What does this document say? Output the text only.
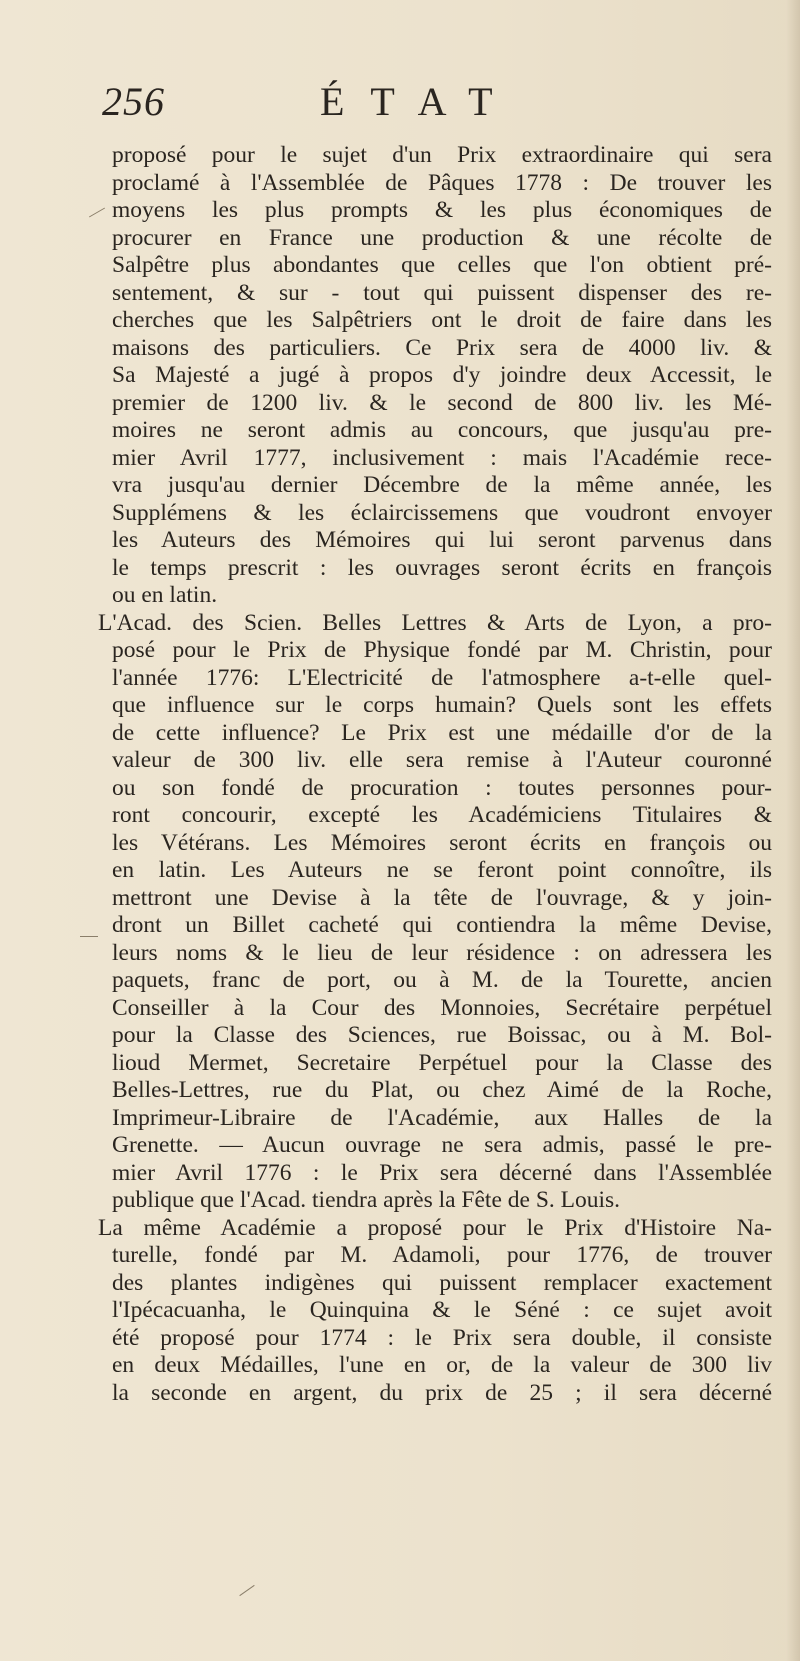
256	ÉTAT
proposé pour le sujet d'un Prix extraordinaire qui sera
proclamé à l'Assemblée de Pâques 1778 : De trouver les
moyens les plus prompts & les plus économiques de
procurer en France une production & une récolte de
Salpêtre plus abondantes que celles que l'on obtient pré-
sentement, & sur - tout qui puissent dispenser des re-
cherches que les Salpêtriers ont le droit de faire dans les
maisons des particuliers. Ce Prix sera de 4000 liv. &
Sa Majesté a jugé à propos d'y joindre deux Accessit, le
premier de 1200 liv. & le second de 800 liv. les Mé-
moires ne seront admis au concours, que jusqu'au pre-
mier Avril 1777, inclusivement : mais l'Académie rece-
vra jusqu'au dernier Décembre de la même année, les
Supplémens & les éclaircissemens que voudront envoyer
les Auteurs des Mémoires qui lui seront parvenus dans
le temps prescrit : les ouvrages seront écrits en françois
ou en latin.
L'Acad. des Scien. Belles Lettres & Arts de Lyon, a pro-
posé pour le Prix de Physique fondé par M. Christin, pour
l'année 1776: L'Electricité de l'atmosphere a-t-elle quel-
que influence sur le corps humain? Quels sont les effets
de cette influence? Le Prix est une médaille d'or de la
valeur de 300 liv. elle sera remise à l'Auteur couronné
ou son fondé de procuration : toutes personnes pour-
ront concourir, excepté les Académiciens Titulaires &
les Vétérans. Les Mémoires seront écrits en françois ou
en latin. Les Auteurs ne se feront point connoître, ils
mettront une Devise à la tête de l'ouvrage, & y join-
dront un Billet cacheté qui contiendra la même Devise,
leurs noms & le lieu de leur résidence : on adressera les
paquets, franc de port, ou à M. de la Tourette, ancien
Conseiller à la Cour des Monnoies, Secrétaire perpétuel
pour la Classe des Sciences, rue Boissac, ou à M. Bol-
lioud Mermet, Secretaire Perpétuel pour la Classe des
Belles-Lettres, rue du Plat, ou chez Aimé de la Roche,
Imprimeur-Libraire de l'Académie, aux Halles de la
Grenette. — Aucun ouvrage ne sera admis, passé le pre-
mier Avril 1776 : le Prix sera décerné dans l'Assemblée
publique que l'Acad. tiendra après la Fête de S. Louis.
La même Académie a proposé pour le Prix d'Histoire Na-
turelle, fondé par M. Adamoli, pour 1776, de trouver
des plantes indigènes qui puissent remplacer exactement
l'Ipécacuanha, le Quinquina & le Séné : ce sujet avoit
été proposé pour 1774 : le Prix sera double, il consiste
en deux Médailles, l'une en or, de la valeur de 300 liv
la seconde en argent, du prix de 25 ; il sera décerné
